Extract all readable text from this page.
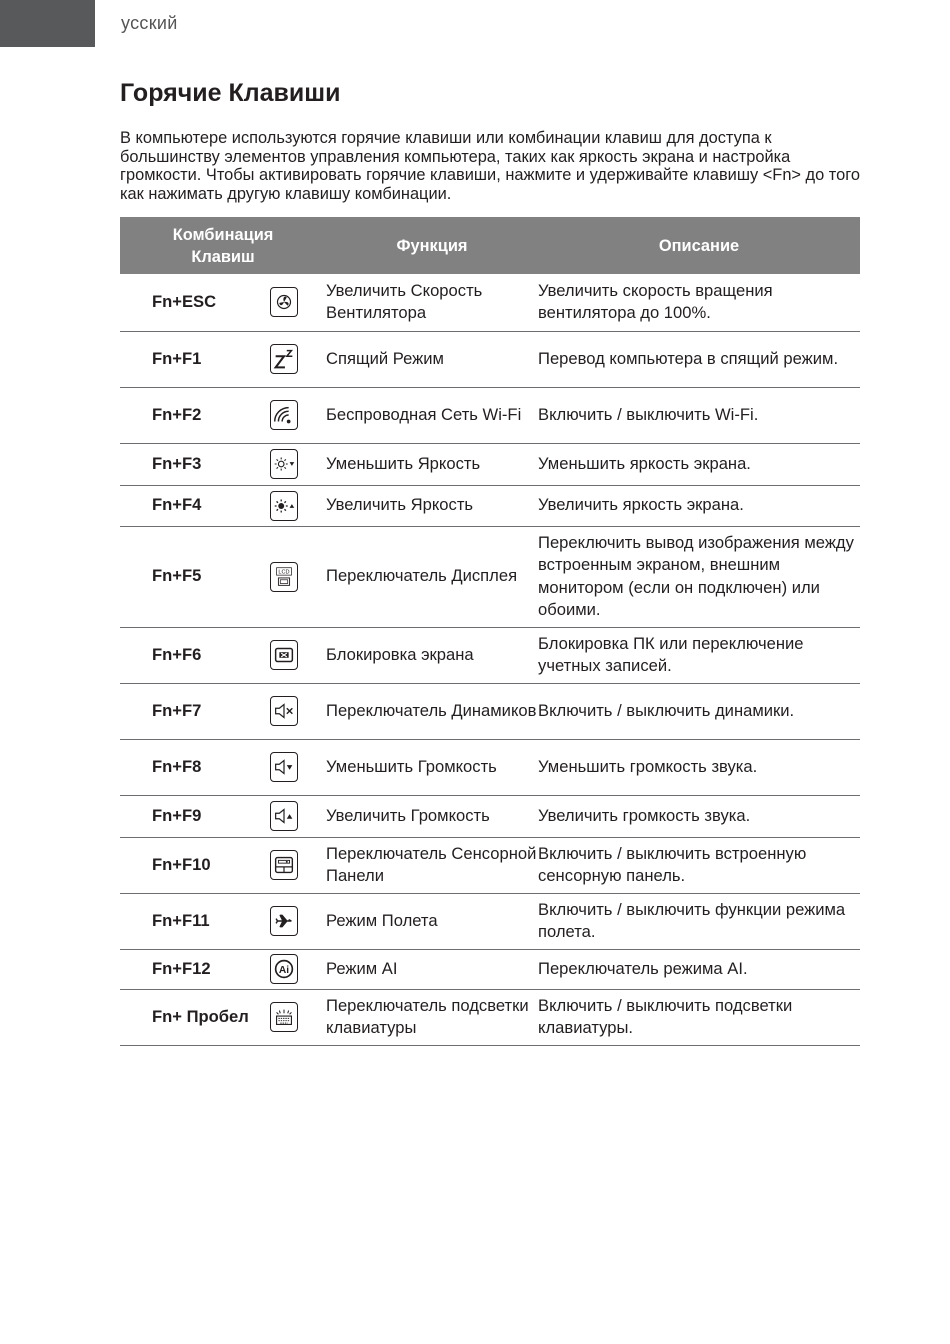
усский
Горячие Клавиши

В компьютере используются горячие клавиши или комбинации клавиш для доступа к большинству элементов управления компьютера, таких как яркость экрана и настройка громкости. Чтобы активировать горячие клавиши, нажмите и удерживайте клавишу <Fn> до того как нажимать другую клавишу комбинации.

Комбинация
Клавиш		Функция	Описание
Fn+ESC		Увеличить Скорость Вентилятора	Увеличить скорость вращения вентилятора до 100%.
Fn+F1		Спящий Режим	Перевод компьютера в спящий режим.
Fn+F2		Беспроводная Сеть Wi-Fi	Включить / выключить Wi-Fi.
Fn+F3		Уменьшить Яркость	Уменьшить яркость экрана.
Fn+F4		Увеличить Яркость	Увеличить яркость экрана.
Fn+F5	LCD	Переключатель Дисплея	Переключить вывод изображения между встроенным экраном, внешним монитором (если он подключен) или обоими.
Fn+F6		Блокировка экрана	Блокировка ПК или переключение учетных записей.
Fn+F7		Переключатель Динамиков	Включить / выключить динамики.
Fn+F8		Уменьшить Громкость	Уменьшить громкость звука.
Fn+F9		Увеличить Громкость	Увеличить громкость звука.
Fn+F10		Переключатель Сенсорной Панели	Включить / выключить встроенную сенсорную панель.
Fn+F11		Режим Полета	Включить / выключить функции режима полета.
Fn+F12	Ai	Режим AI	Переключатель режима AI.
Fn+ Пробел		Переключатель подсветки клавиатуры	Включить / выключить подсветки клавиатуры.
